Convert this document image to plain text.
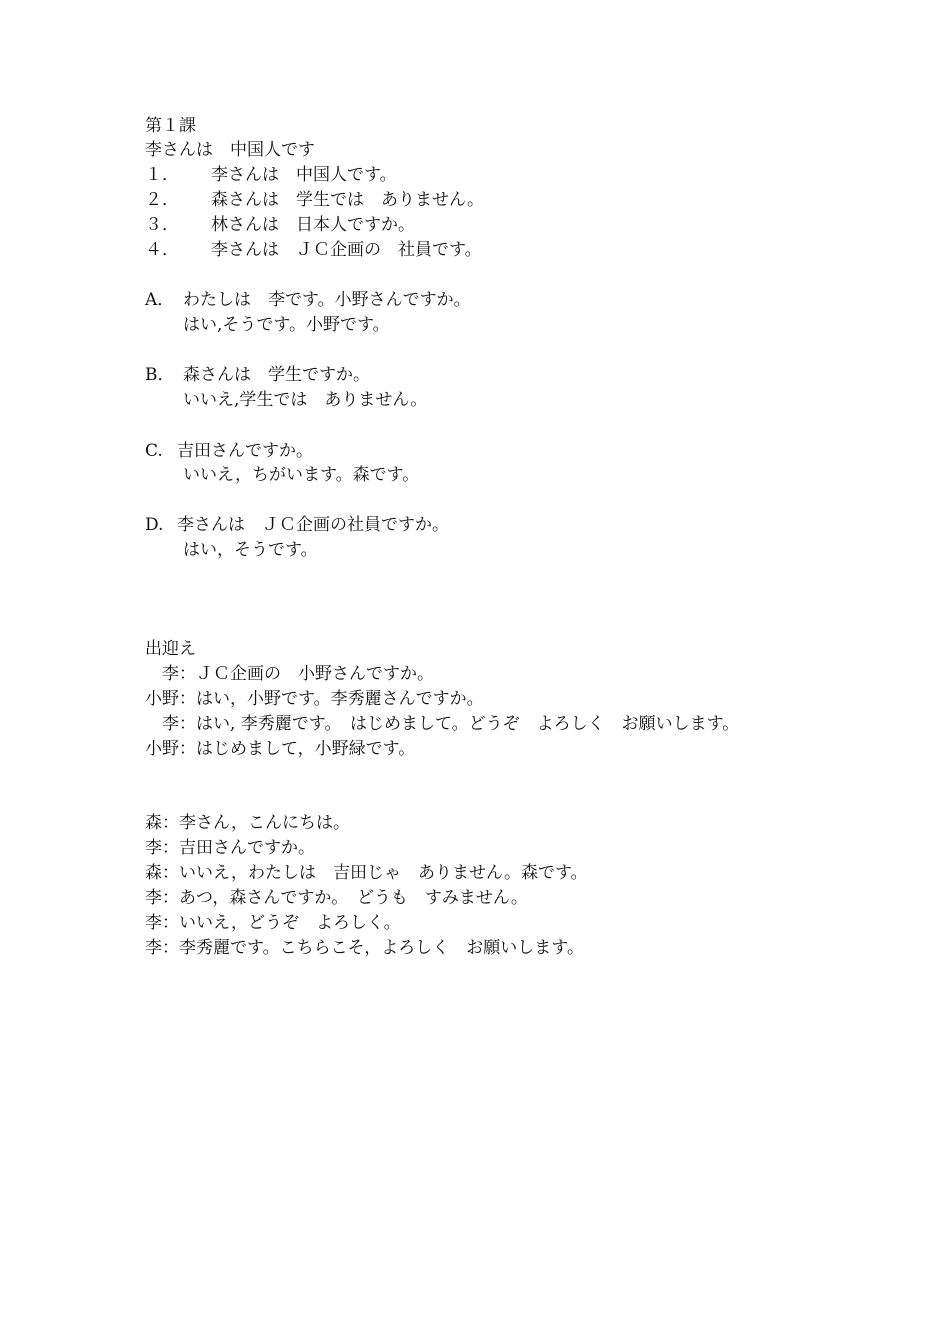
第１課
李さんは　中国人です
１． 李さんは　中国人です。
２． 森さんは　学生では　ありません。
３． 林さんは　日本人ですか。
４． 李さんは　ＪＣ企画の　社員です。
A． わたしは　李です。小野さんですか。
はい,そうです。小野です。
B． 森さんは　学生ですか。
いいえ,学生では　ありません。
C. 吉田さんですか。
いいえ，ちがいます。森です。
D. 李さんは　ＪＣ企画の社員ですか。
はい，そうです。
出迎え
　李：ＪＣ企画の　小野さんですか。
小野：はい，小野です。李秀麗さんですか。
　李：はい, 李秀麗です。　はじめまして。どうぞ　よろしく　お願いします。
小野：はじめまして，小野緑です。
森：李さん，こんにちは。
李：吉田さんですか。
森：いいえ，わたしは　吉田じゃ　ありません。森です。
李：あつ，森さんですか。　どうも　すみません。
李：いいえ，どうぞ　よろしく。
李：李秀麗です。こちらこそ，よろしく　お願いします。
